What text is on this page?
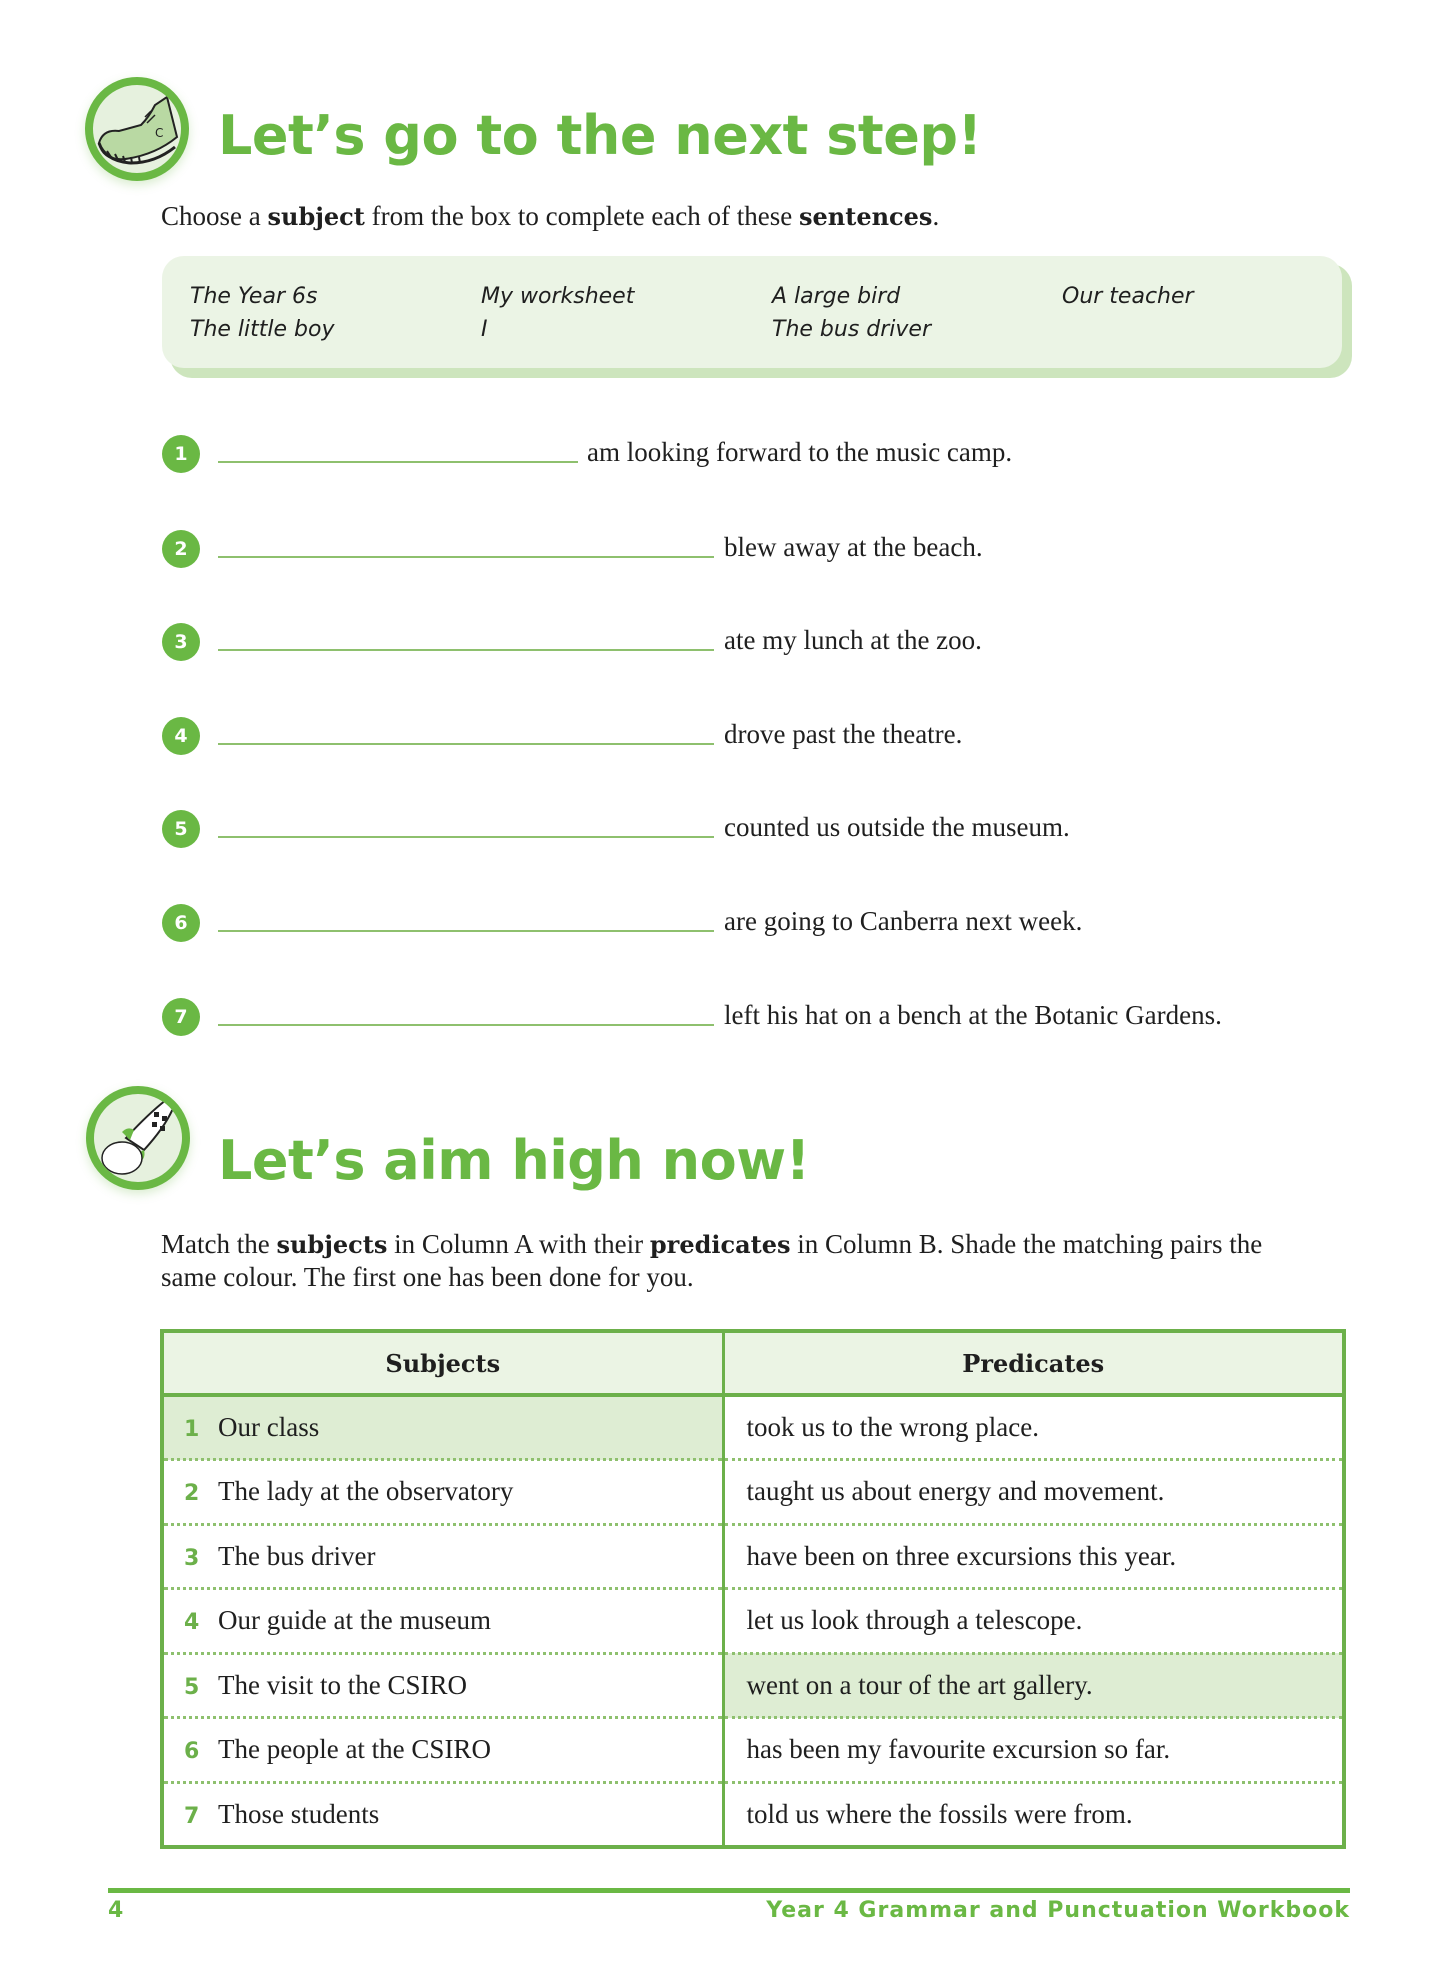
C Let’s go to the next step!
Choose a subject from the box to complete each of these sentences.
The Year 6s	My worksheet	A large bird	Our teacher
The little boy	I	The bus driver
1	am looking forward to the music camp.
2	blew away at the beach.
3	ate my lunch at the zoo.
4	drove past the theatre.
5	counted us outside the museum.
6	are going to Canberra next week.
7	left his hat on a bench at the Botanic Gardens.
Let’s aim high now!
Match the subjects in Column A with their predicates in Column B. Shade the matching pairs the same colour. The first one has been done for you.
Subjects	Predicates
1 Our class	took us to the wrong place.
2 The lady at the observatory	taught us about energy and movement.
3 The bus driver	have been on three excursions this year.
4 Our guide at the museum	let us look through a telescope.
5 The visit to the CSIRO	went on a tour of the art gallery.
6 The people at the CSIRO	has been my favourite excursion so far.
7 Those students	told us where the fossils were from.
4	Year 4 Grammar and Punctuation Workbook
